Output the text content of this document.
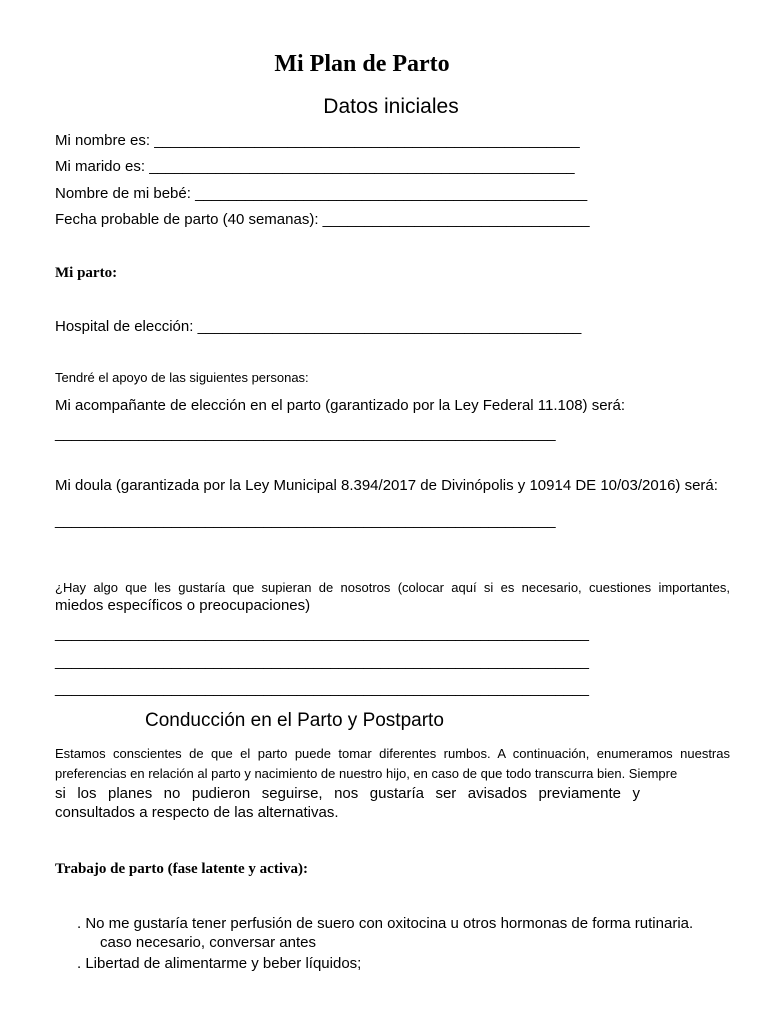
Mi Plan de Parto
Datos iniciales
Mi nombre es: ___________________________________________________
Mi marido es: ___________________________________________________
Nombre de mi bebé: _______________________________________________
Fecha probable de parto (40 semanas): ________________________________
Mi parto:
Hospital de elección: ______________________________________________
Tendré el apoyo de las siguientes personas:
Mi acompañante de elección en el parto (garantizado por la Ley Federal 11.108) será:
____________________________________________________________
Mi doula (garantizada por la Ley Municipal 8.394/2017 de Divinópolis y 10914 DE 10/03/2016) será:
____________________________________________________________
¿Hay algo que les gustaría que supieran de nosotros (colocar aquí si es necesario, cuestiones importantes,
miedos específicos o preocupaciones)
________________________________________________________________
________________________________________________________________
________________________________________________________________
Conducción en el Parto y Postparto
Estamos conscientes de que el parto puede tomar diferentes rumbos. A continuación, enumeramos nuestras
preferencias en relación al parto y nacimiento de nuestro hijo, en caso de que todo transcurra bien. Siempre
si los planes no pudieron seguirse, nos gustaría ser avisados previamente y
consultados a respecto de las alternativas.
Trabajo de parto (fase latente y activa):
. No me gustaría tener perfusión de suero con oxitocina u otros hormonas de forma rutinaria.
caso necesario, conversar antes
. Libertad de alimentarme y beber líquidos;
